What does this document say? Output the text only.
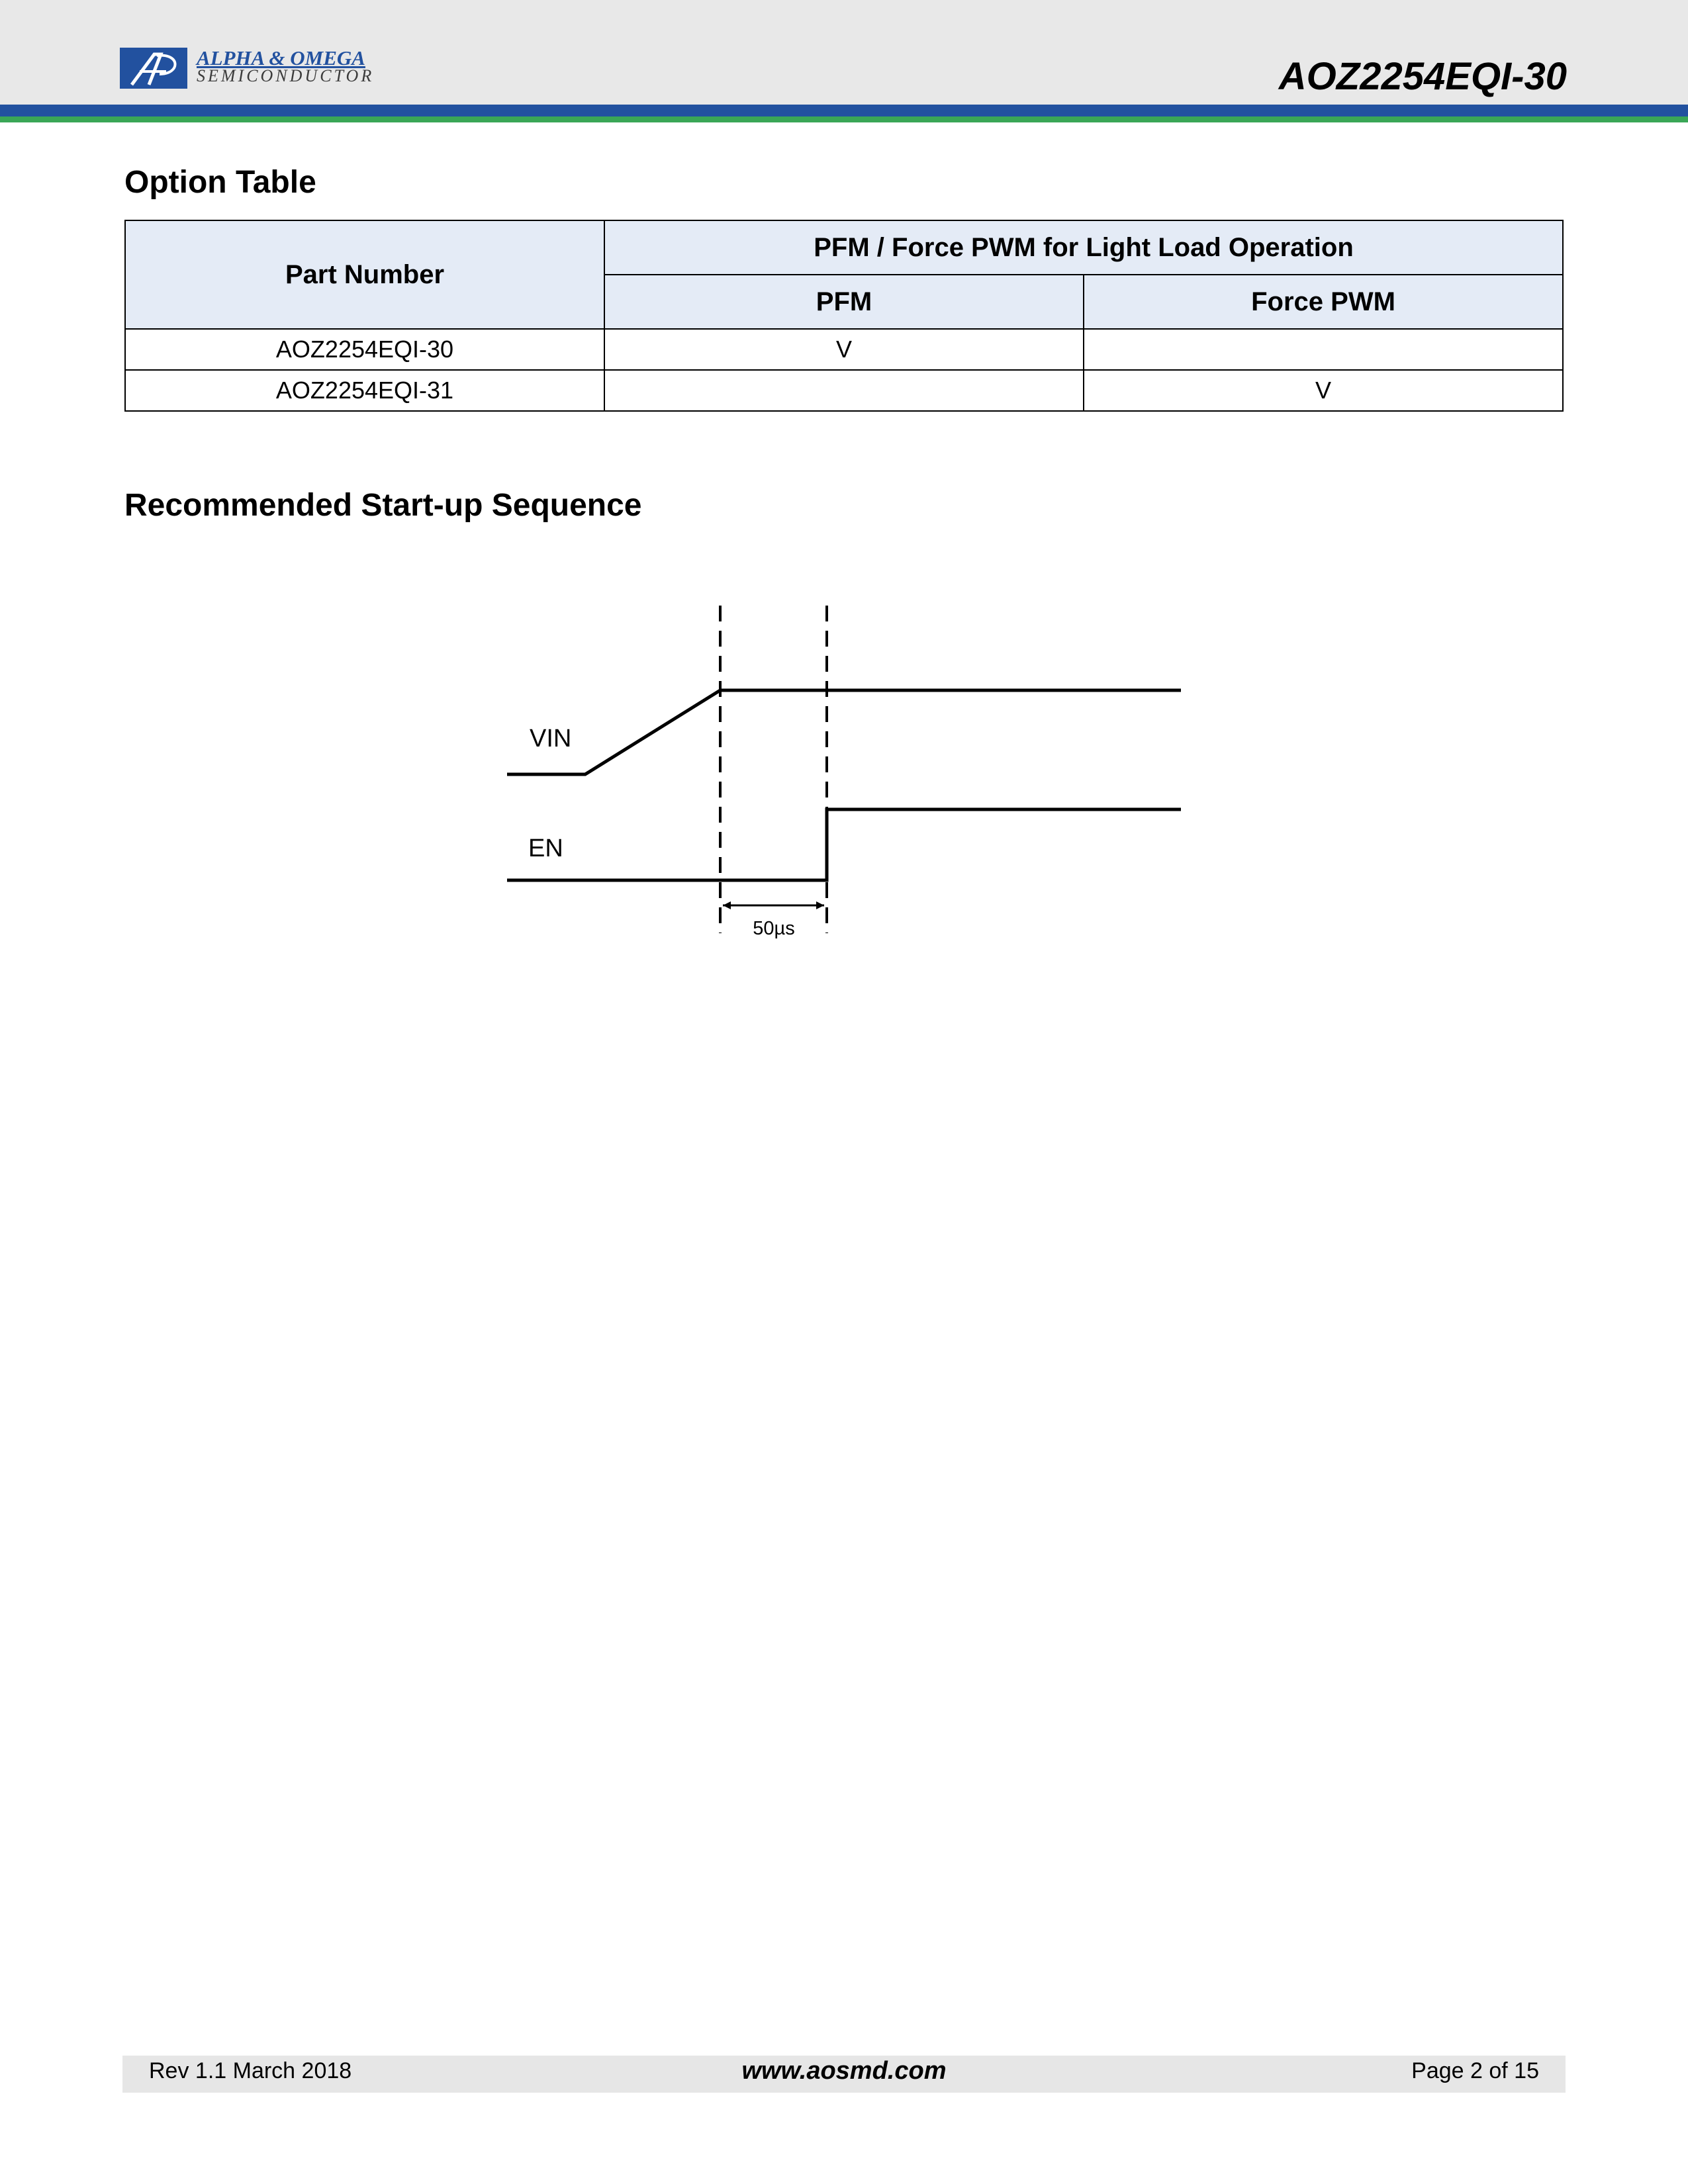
ALPHA & OMEGA
SEMICONDUCTOR	AOZ2254EQI-30
Option Table
Part Number	PFM / Force PWM for Light Load Operation	
	PFM	Force PWM
AOZ2254EQI-30	V	
AOZ2254EQI-31		V
Recommended Start-up Sequence
VIN
EN
50µs
Rev 1.1 March 2018	www.aosmd.com	Page 2 of 15
